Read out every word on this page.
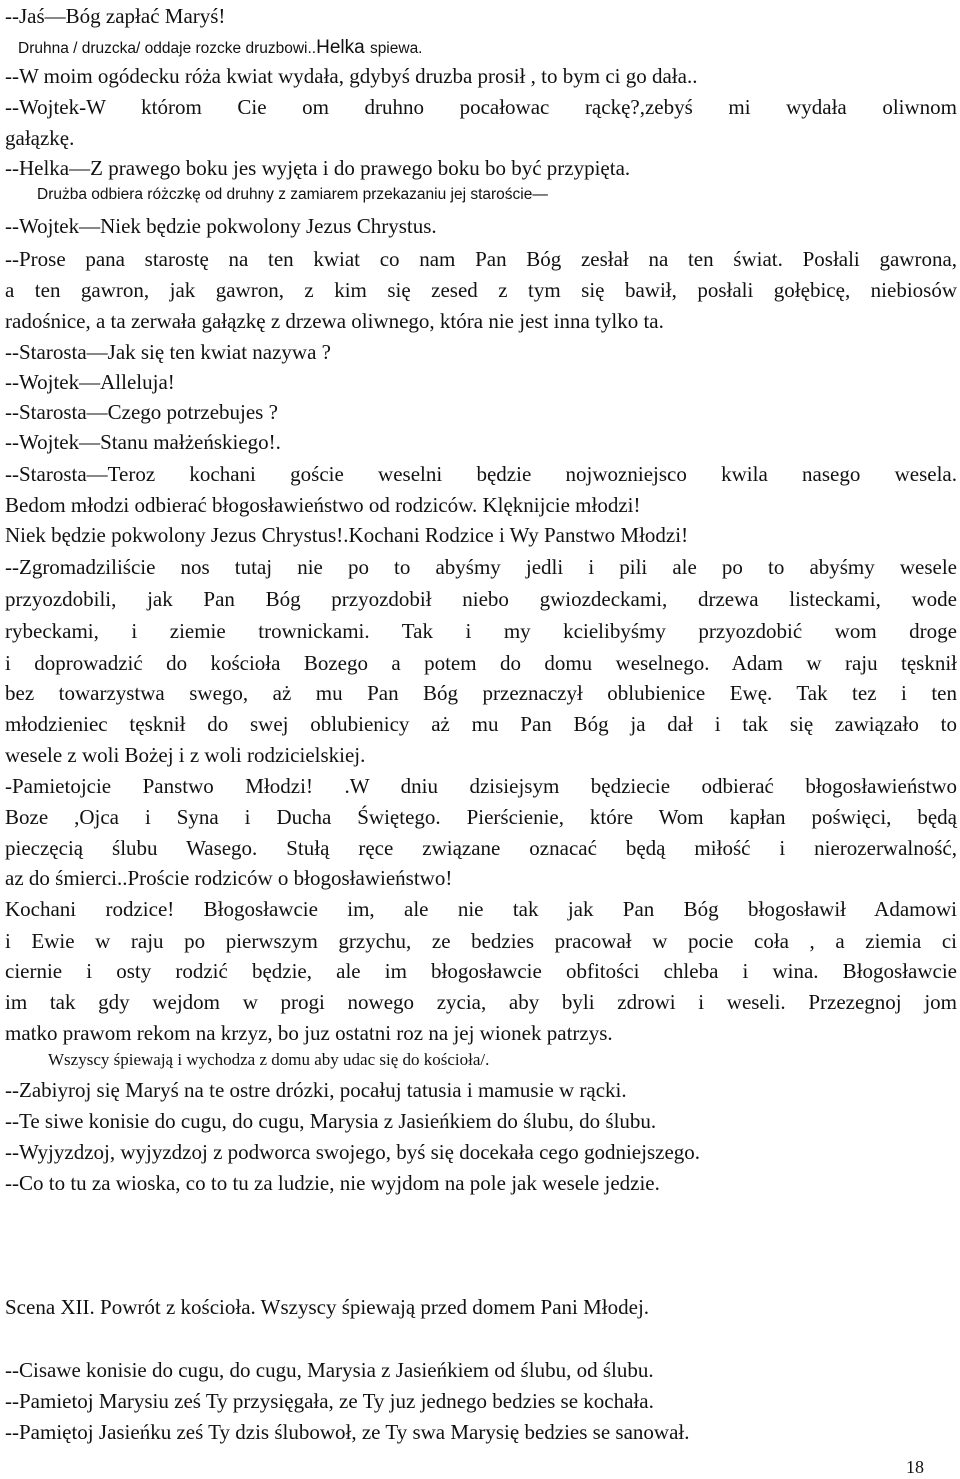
--Jaś—Bóg zapłać Maryś!
Druhna / druzcka/ oddaje rozcke druzbowi..Helka spiewa.
--W moim ogódecku róża kwiat wydała, gdybyś druzba prosił , to bym ci go dała..
--Wojtek-W którom Cie om druhno pocałowac rąckę?,zebyś mi wydała oliwnom
gałązkę.
--Helka—Z prawego boku jes wyjęta i do prawego boku bo być przypięta.
Drużba odbiera różczkę od druhny z zamiarem przekazaniu jej staroście—
--Wojtek—Niek będzie pokwolony Jezus Chrystus.
--Prose pana starostę na ten kwiat co nam Pan Bóg zesłał na ten świat. Posłali gawrona,
a ten gawron, jak gawron, z kim się zesed z tym się bawił, posłali gołębicę, niebiosów
radośnice, a ta zerwała gałązkę z drzewa oliwnego, która nie jest inna tylko ta.
--Starosta—Jak się ten kwiat nazywa ?
--Wojtek—Alleluja!
--Starosta—Czego potrzebujes ?
--Wojtek—Stanu małżeńskiego!.
--Starosta—Teroz kochani goście weselni będzie nojwozniejsco kwila nasego wesela.
Bedom młodzi odbierać błogosławieństwo od rodziców. Klęknijcie młodzi!
Niek będzie pokwolony Jezus Chrystus!.Kochani Rodzice i Wy Panstwo Młodzi!
--Zgromadziliście nos tutaj nie po to abyśmy jedli i pili ale po to abyśmy wesele
przyozdobili, jak Pan Bóg przyozdobił niebo gwiozdeckami, drzewa listeckami, wode
rybeckami, i ziemie trownickami. Tak i my kcielibyśmy przyozdobić wom droge
i doprowadzić do kościoła Bozego a potem do domu weselnego. Adam w raju tęsknił
bez towarzystwa swego, aż mu Pan Bóg przeznaczył oblubienice Ewę. Tak tez i ten
młodzieniec tęsknił do swej oblubienicy aż mu Pan Bóg ja dał i tak się zawiązało to
wesele z woli Bożej i z woli rodzicielskiej.
-Pamietojcie Panstwo Młodzi! .W dniu dzisiejsym będziecie odbierać błogosławieństwo
Boze ,Ojca i Syna i Ducha Świętego. Pierścienie, które Wom kapłan poświęci, będą
pieczęcią ślubu Wasego. Stułą ręce związane oznacać będą miłość i nierozerwalność,
az do śmierci..Proście rodziców o błogosławieństwo!
Kochani rodzice! Błogosławcie im, ale nie tak jak Pan Bóg błogosławił Adamowi
i Ewie w raju po pierwszym grzychu, ze bedzies pracował w pocie coła , a ziemia ci
ciernie i osty rodzić będzie, ale im błogosławcie obfitości chleba i wina. Błogosławcie
im tak gdy wejdom w progi nowego zycia, aby byli zdrowi i weseli. Przezegnoj jom
matko prawom rekom na krzyz, bo juz ostatni roz na jej wionek patrzys.
Wszyscy śpiewają i wychodza z domu aby udac się do kościoła/.
--Zabiyroj się Maryś na te ostre drózki, pocałuj tatusia i mamusie w rącki.
--Te siwe konisie do cugu, do cugu, Marysia z Jasieńkiem do ślubu, do ślubu.
--Wyjyzdzoj, wyjyzdzoj z podworca swojego, byś się docekała cego godniejszego.
--Co to tu za wioska, co to tu za ludzie, nie wyjdom na pole jak wesele jedzie.
Scena XII. Powrót z kościoła. Wszyscy śpiewają przed domem Pani Młodej.
--Cisawe konisie do cugu, do cugu, Marysia z Jasieńkiem od ślubu, od ślubu.
--Pamietoj Marysiu ześ Ty przysięgała, ze Ty juz jednego bedzies se kochała.
--Pamiętoj Jasieńku ześ Ty dzis ślubowoł, ze Ty swa Marysię bedzies se sanował.
18
